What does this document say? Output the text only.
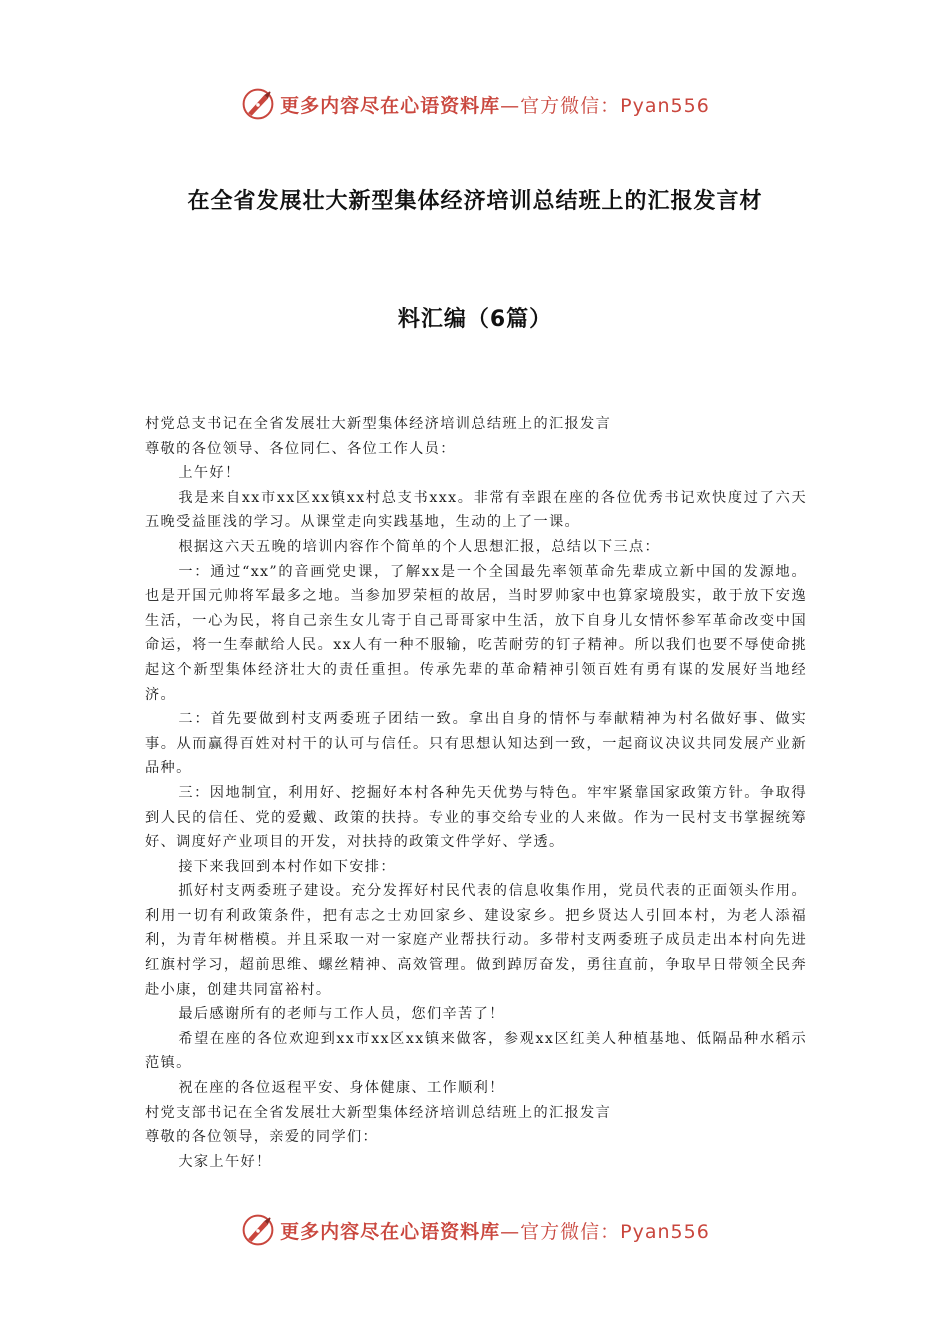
更多内容尽在心语资料库 —官方微信：Pyan556
在全省发展壮大新型集体经济培训总结班上的汇报发言材
料汇编（6篇）

村党总支书记在全省发展壮大新型集体经济培训总结班上的汇报发言

尊敬的各位领导、各位同仁、各位工作人员：

上午好！

我是来自xx市xx区xx镇xx村总支书xxx。非常有幸跟在座的各位优秀书记欢快度过了六天五晚受益匪浅的学习。从课堂走向实践基地，生动的上了一课。

根据这六天五晚的培训内容作个简单的个人思想汇报，总结以下三点：

一：通过“xx”的音画党史课，了解xx是一个全国最先率领革命先辈成立新中国的发源地。也是开国元帅将军最多之地。当参加罗荣桓的故居，当时罗帅家中也算家境殷实，敢于放下安逸生活，一心为民，将自己亲生女儿寄于自己哥哥家中生活，放下自身儿女情怀参军革命改变中国命运，将一生奉献给人民。xx人有一种不服输，吃苦耐劳的钉子精神。所以我们也要不辱使命挑起这个新型集体经济壮大的责任重担。传承先辈的革命精神引领百姓有勇有谋的发展好当地经济。

二：首先要做到村支两委班子团结一致。拿出自身的情怀与奉献精神为村名做好事、做实事。从而赢得百姓对村干的认可与信任。只有思想认知达到一致，一起商议决议共同发展产业新品种。

三：因地制宜，利用好、挖掘好本村各种先天优势与特色。牢牢紧靠国家政策方针。争取得到人民的信任、党的爱戴、政策的扶持。专业的事交给专业的人来做。作为一民村支书掌握统筹好、调度好产业项目的开发，对扶持的政策文件学好、学透。

接下来我回到本村作如下安排：

抓好村支两委班子建设。充分发挥好村民代表的信息收集作用，党员代表的正面领头作用。利用一切有利政策条件，把有志之士劝回家乡、建设家乡。把乡贤达人引回本村，为老人添福利，为青年树楷模。并且采取一对一家庭产业帮扶行动。多带村支两委班子成员走出本村向先进红旗村学习，超前思维、螺丝精神、高效管理。做到踔厉奋发，勇往直前，争取早日带领全民奔赴小康，创建共同富裕村。

最后感谢所有的老师与工作人员，您们辛苦了！

希望在座的各位欢迎到xx市xx区xx镇来做客，参观xx区红美人种植基地、低隔品种水稻示范镇。

祝在座的各位返程平安、身体健康、工作顺利！

村党支部书记在全省发展壮大新型集体经济培训总结班上的汇报发言

尊敬的各位领导，亲爱的同学们：

大家上午好！

更多内容尽在心语资料库 —官方微信：Pyan556
